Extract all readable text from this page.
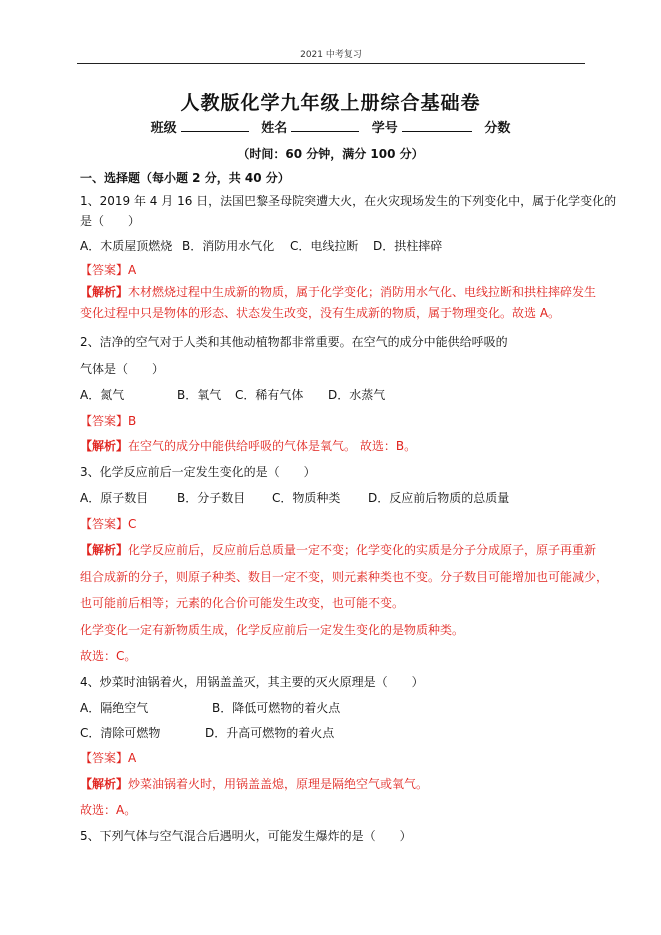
2021 中考复习
人教版化学九年级上册综合基础卷
班级	姓名	学号	分数
（时间：60 分钟，满分 100 分）
一、选择题（每小题 2 分，共 40 分）
1、2019 年 4 月 16 日，法国巴黎圣母院突遭大火，在火灾现场发生的下列变化中，属于化学变化的
是（　　）
A．木质屋顶燃烧 B．消防用水气化 C．电线拉断 D．拱柱摔碎
【答案】A
【解析】木材燃烧过程中生成新的物质，属于化学变化；消防用水气化、电线拉断和拱柱摔碎发生
变化过程中只是物体的形态、状态发生改变，没有生成新的物质，属于物理变化。故选 A。
2、洁净的空气对于人类和其他动植物都非常重要。在空气的成分中能供给呼吸的
气体是（　　）
A．氮气	B．氧气 C．稀有气体 D．水蒸气
【答案】B
【解析】在空气的成分中能供给呼吸的气体是氧气。 故选：B。
3、化学反应前后一定发生变化的是（　　）
A．原子数目 B．分子数目 C．物质种类 D．反应前后物质的总质量
【答案】C
【解析】化学反应前后，反应前后总质量一定不变；化学变化的实质是分子分成原子，原子再重新
组合成新的分子，则原子种类、数目一定不变，则元素种类也不变。分子数目可能增加也可能减少，
也可能前后相等；元素的化合价可能发生改变，也可能不变。
化学变化一定有新物质生成，化学反应前后一定发生变化的是物质种类。
故选：C。
4、炒菜时油锅着火，用锅盖盖灭，其主要的灭火原理是（　　）
A．隔绝空气	B．降低可燃物的着火点
C．清除可燃物	D．升高可燃物的着火点
【答案】A
【解析】炒菜油锅着火时，用锅盖盖熄，原理是隔绝空气或氧气。
故选：A。
5、下列气体与空气混合后遇明火，可能发生爆炸的是（　　）
